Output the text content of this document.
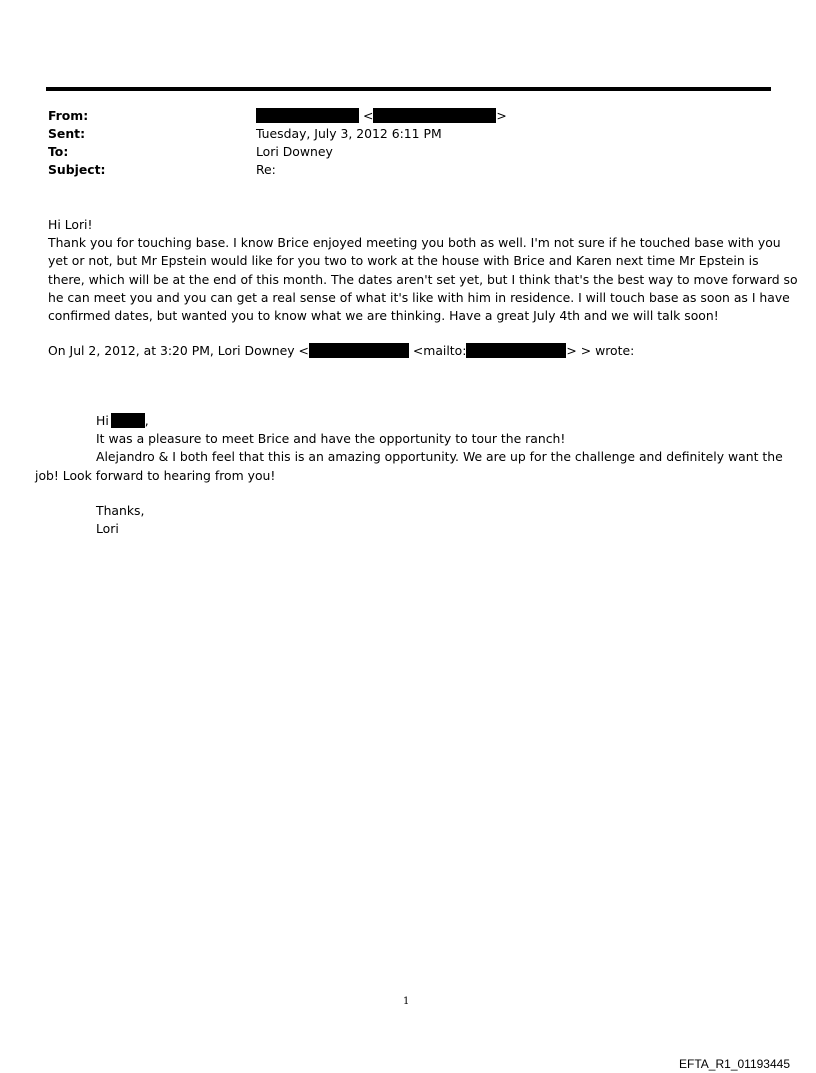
From:	<	>
Sent:	Tuesday, July 3, 2012 6:11 PM
To:	Lori Downey
Subject:	Re:

Hi Lori!

Thank you for touching base. I know Brice enjoyed meeting you both as well. I'm not sure if he touched base with you

yet or not, but Mr Epstein would like for you two to work at the house with Brice and Karen next time Mr Epstein is

there, which will be at the end of this month. The dates aren't set yet, but I think that's the best way to move forward so

he can meet you and you can get a real sense of what it's like with him in residence. I will touch base as soon as I have

confirmed dates, but wanted you to know what we are thinking. Have a great July 4th and we will talk soon!

On Jul 2, 2012, at 3:20 PM, Lori Downey <	<mailto:	> > wrote:

Hi	,

It was a pleasure to meet Brice and have the opportunity to tour the ranch!

Alejandro & I both feel that this is an amazing opportunity. We are up for the challenge and definitely want the

job! Look forward to hearing from you!

Thanks,

Lori

1
EFTA_R1_01193445
